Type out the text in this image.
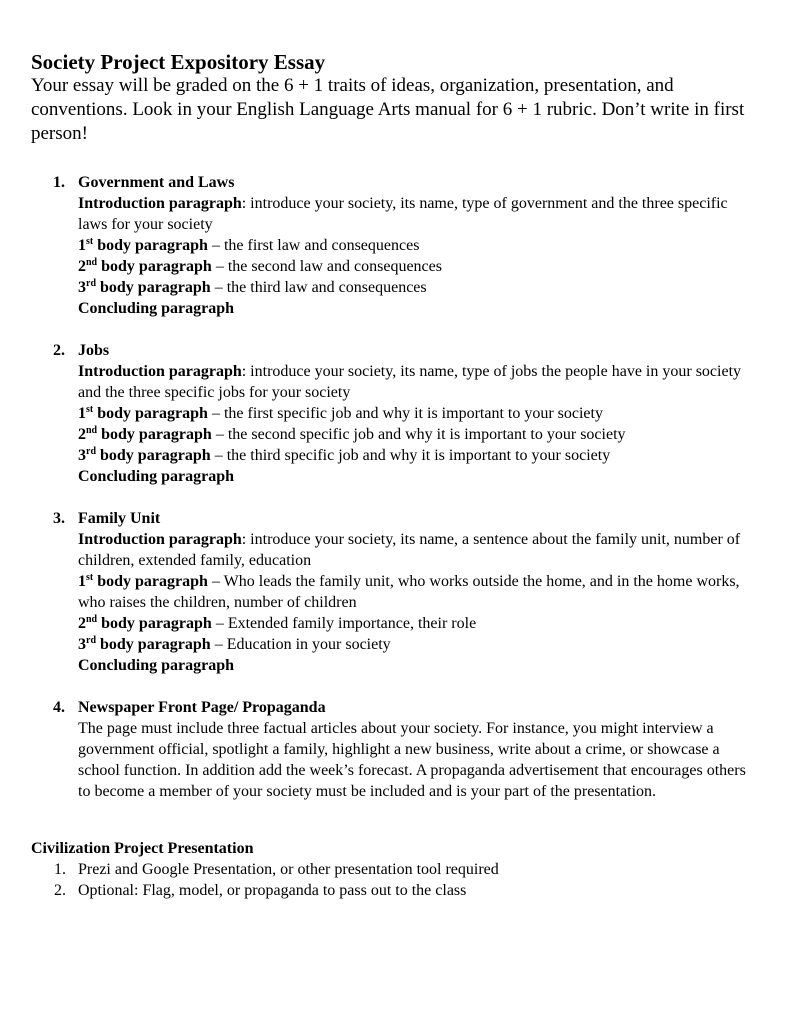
Society Project Expository Essay
Your essay will be graded on the 6 + 1 traits of ideas, organization, presentation, and conventions. Look in your English Language Arts manual for 6 + 1 rubric. Don’t write in first person!
1. Government and Laws
Introduction paragraph: introduce your society, its name, type of government and the three specific laws for your society
1st body paragraph – the first law and consequences
2nd body paragraph – the second law and consequences
3rd body paragraph – the third law and consequences
Concluding paragraph
2. Jobs
Introduction paragraph: introduce your society, its name, type of jobs the people have in your society and the three specific jobs for your society
1st body paragraph – the first specific job and why it is important to your society
2nd body paragraph – the second specific job and why it is important to your society
3rd body paragraph – the third specific job and why it is important to your society
Concluding paragraph
3. Family Unit
Introduction paragraph: introduce your society, its name, a sentence about the family unit, number of children, extended family, education
1st body paragraph – Who leads the family unit, who works outside the home, and in the home works, who raises the children, number of children
2nd body paragraph – Extended family importance, their role
3rd body paragraph – Education in your society
Concluding paragraph
4. Newspaper Front Page/ Propaganda
The page must include three factual articles about your society. For instance, you might interview a government official, spotlight a family, highlight a new business, write about a crime, or showcase a school function. In addition add the week’s forecast. A propaganda advertisement that encourages others to become a member of your society must be included and is your part of the presentation.
Civilization Project Presentation
1. Prezi and Google Presentation, or other presentation tool required
2. Optional: Flag, model, or propaganda to pass out to the class
